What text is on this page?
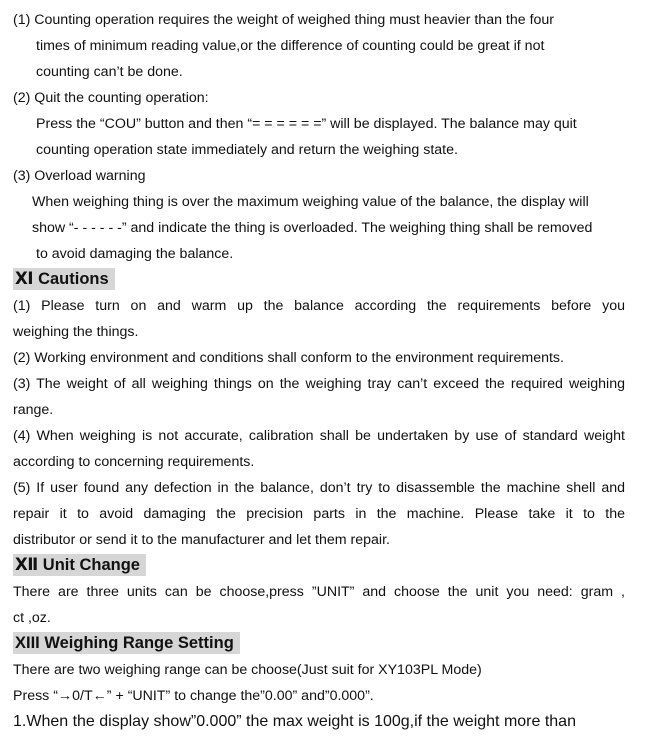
(1) Counting operation requires the weight of weighed thing must heavier than the four
times of minimum reading value,or the difference of counting could be great if not
counting can’t be done.
(2) Quit the counting operation:
Press the “COU” button and then “= = = = = =” will be displayed. The balance may quit
counting operation state immediately and return the weighing state.
(3) Overload warning
When weighing thing is over the maximum weighing value of the balance, the display will
show “- - - - - -” and indicate the thing is overloaded. The weighing thing shall be removed
to avoid damaging the balance.
Ⅺ Cautions
(1) Please turn on and warm up the balance according the requirements before you
weighing the things.
(2) Working environment and conditions shall conform to the environment requirements.
(3) The weight of all weighing things on the weighing tray can’t exceed the required weighing
range.
(4) When weighing is not accurate, calibration shall be undertaken by use of standard weight
according to concerning requirements.
(5) If user found any defection in the balance, don’t try to disassemble the machine shell and
repair it to avoid damaging the precision parts in the machine. Please take it to the
distributor or send it to the manufacturer and let them repair.
Ⅻ Unit Change
There are three units can be choose,press ”UNIT” and choose the unit you need: gram ,
ct ,oz.
XIII Weighing Range Setting
There are two weighing range can be choose(Just suit for XY103PL Mode)
Press “→0/T←” + “UNIT” to change the”0.00” and”0.000”.
1.When the display show”0.000” the max weight is 100g,if the weight more than
